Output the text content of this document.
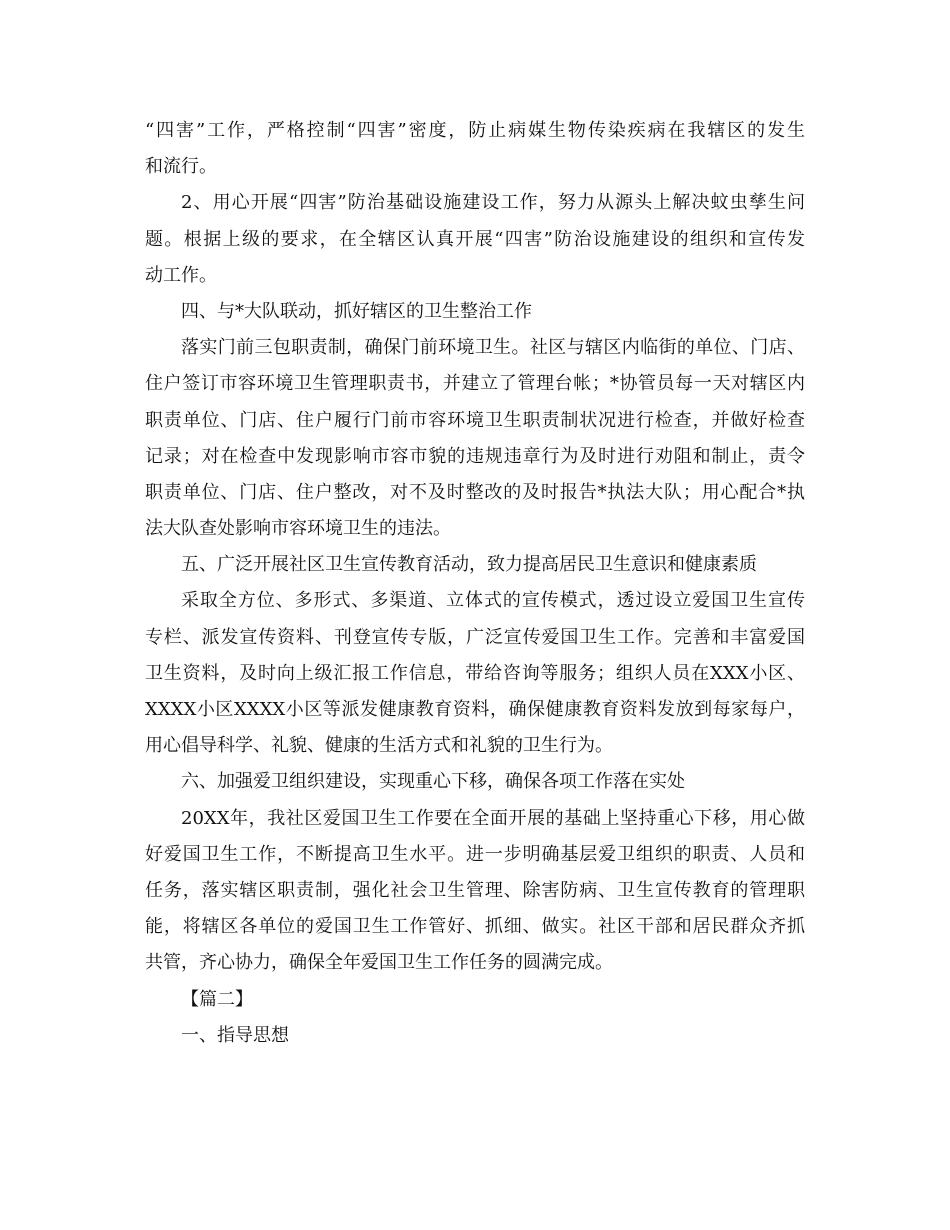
“四害”工作，严格控制“四害”密度，防止病媒生物传染疾病在我辖区的发生
和流行。
2、用心开展“四害”防治基础设施建设工作，努力从源头上解决蚊虫孳生问
题。根据上级的要求，在全辖区认真开展“四害”防治设施建设的组织和宣传发
动工作。
四、与*大队联动，抓好辖区的卫生整治工作
落实门前三包职责制，确保门前环境卫生。社区与辖区内临街的单位、门店、
住户签订市容环境卫生管理职责书，并建立了管理台帐；*协管员每一天对辖区内
职责单位、门店、住户履行门前市容环境卫生职责制状况进行检查，并做好检查
记录；对在检查中发现影响市容市貌的违规违章行为及时进行劝阻和制止，责令
职责单位、门店、住户整改，对不及时整改的及时报告*执法大队；用心配合*执
法大队查处影响市容环境卫生的违法。
五、广泛开展社区卫生宣传教育活动，致力提高居民卫生意识和健康素质
采取全方位、多形式、多渠道、立体式的宣传模式，透过设立爱国卫生宣传
专栏、派发宣传资料、刊登宣传专版，广泛宣传爱国卫生工作。完善和丰富爱国
卫生资料，及时向上级汇报工作信息，带给咨询等服务；组织人员在XXX小区、
XXXX小区XXXX小区等派发健康教育资料，确保健康教育资料发放到每家每户，
用心倡导科学、礼貌、健康的生活方式和礼貌的卫生行为。
六、加强爱卫组织建设，实现重心下移，确保各项工作落在实处
20XX年，我社区爱国卫生工作要在全面开展的基础上坚持重心下移，用心做
好爱国卫生工作，不断提高卫生水平。进一步明确基层爱卫组织的职责、人员和
任务，落实辖区职责制，强化社会卫生管理、除害防病、卫生宣传教育的管理职
能，将辖区各单位的爱国卫生工作管好、抓细、做实。社区干部和居民群众齐抓
共管，齐心协力，确保全年爱国卫生工作任务的圆满完成。
【篇二】
一、指导思想
